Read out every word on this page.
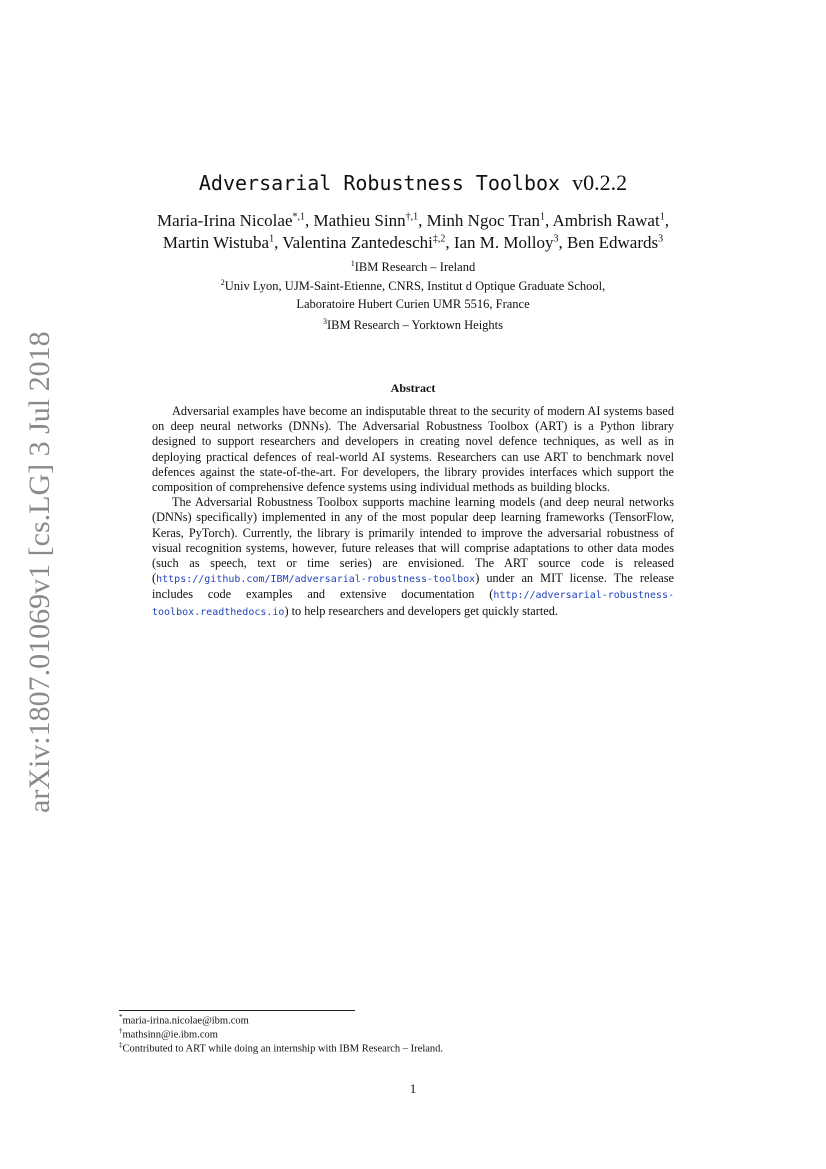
arXiv:1807.01069v1 [cs.LG] 3 Jul 2018
Adversarial Robustness Toolbox v0.2.2
Maria-Irina Nicolae$^{*,1}$, Mathieu Sinn$^{\dagger,1}$, Minh Ngoc Tran$^1$, Ambrish Rawat$^1$,
Martin Wistuba$^1$, Valentina Zantedeschi$^{\ddagger,2}$, Ian M. Molloy$^3$, Ben Edwards$^3$
$^1$IBM Research – Ireland
$^2$Univ Lyon, UJM-Saint-Etienne, CNRS, Institut d Optique Graduate School,
Laboratoire Hubert Curien UMR 5516, France
$^3$IBM Research – Yorktown Heights
Abstract

Adversarial examples have become an indisputable threat to the security of modern AI systems based on deep neural networks (DNNs). The Adversarial Robustness Toolbox (ART) is a Python library designed to support researchers and developers in creating novel defence techniques, as well as in deploying practical defences of real-world AI systems. Researchers can use ART to benchmark novel defences against the state-of-the-art. For developers, the library provides interfaces which support the composition of comprehensive defence systems using individual methods as building blocks.

The Adversarial Robustness Toolbox supports machine learning models (and deep neural networks (DNNs) specifically) implemented in any of the most popular deep learning frameworks (TensorFlow, Keras, PyTorch). Currently, the library is primarily intended to improve the adversarial robustness of visual recognition systems, however, future releases that will comprise adaptations to other data modes (such as speech, text or time series) are envisioned. The ART source code is released (https://github.com/IBM/adversarial-robustness-toolbox) under an MIT license. The release includes code examples and extensive documentation (http://adversarial-robustness-toolbox.readthedocs.io) to help researchers and developers get quickly started.

*maria-irina.nicolae@ibm.com
†mathsinn@ie.ibm.com
‡Contributed to ART while doing an internship with IBM Research – Ireland.
1
